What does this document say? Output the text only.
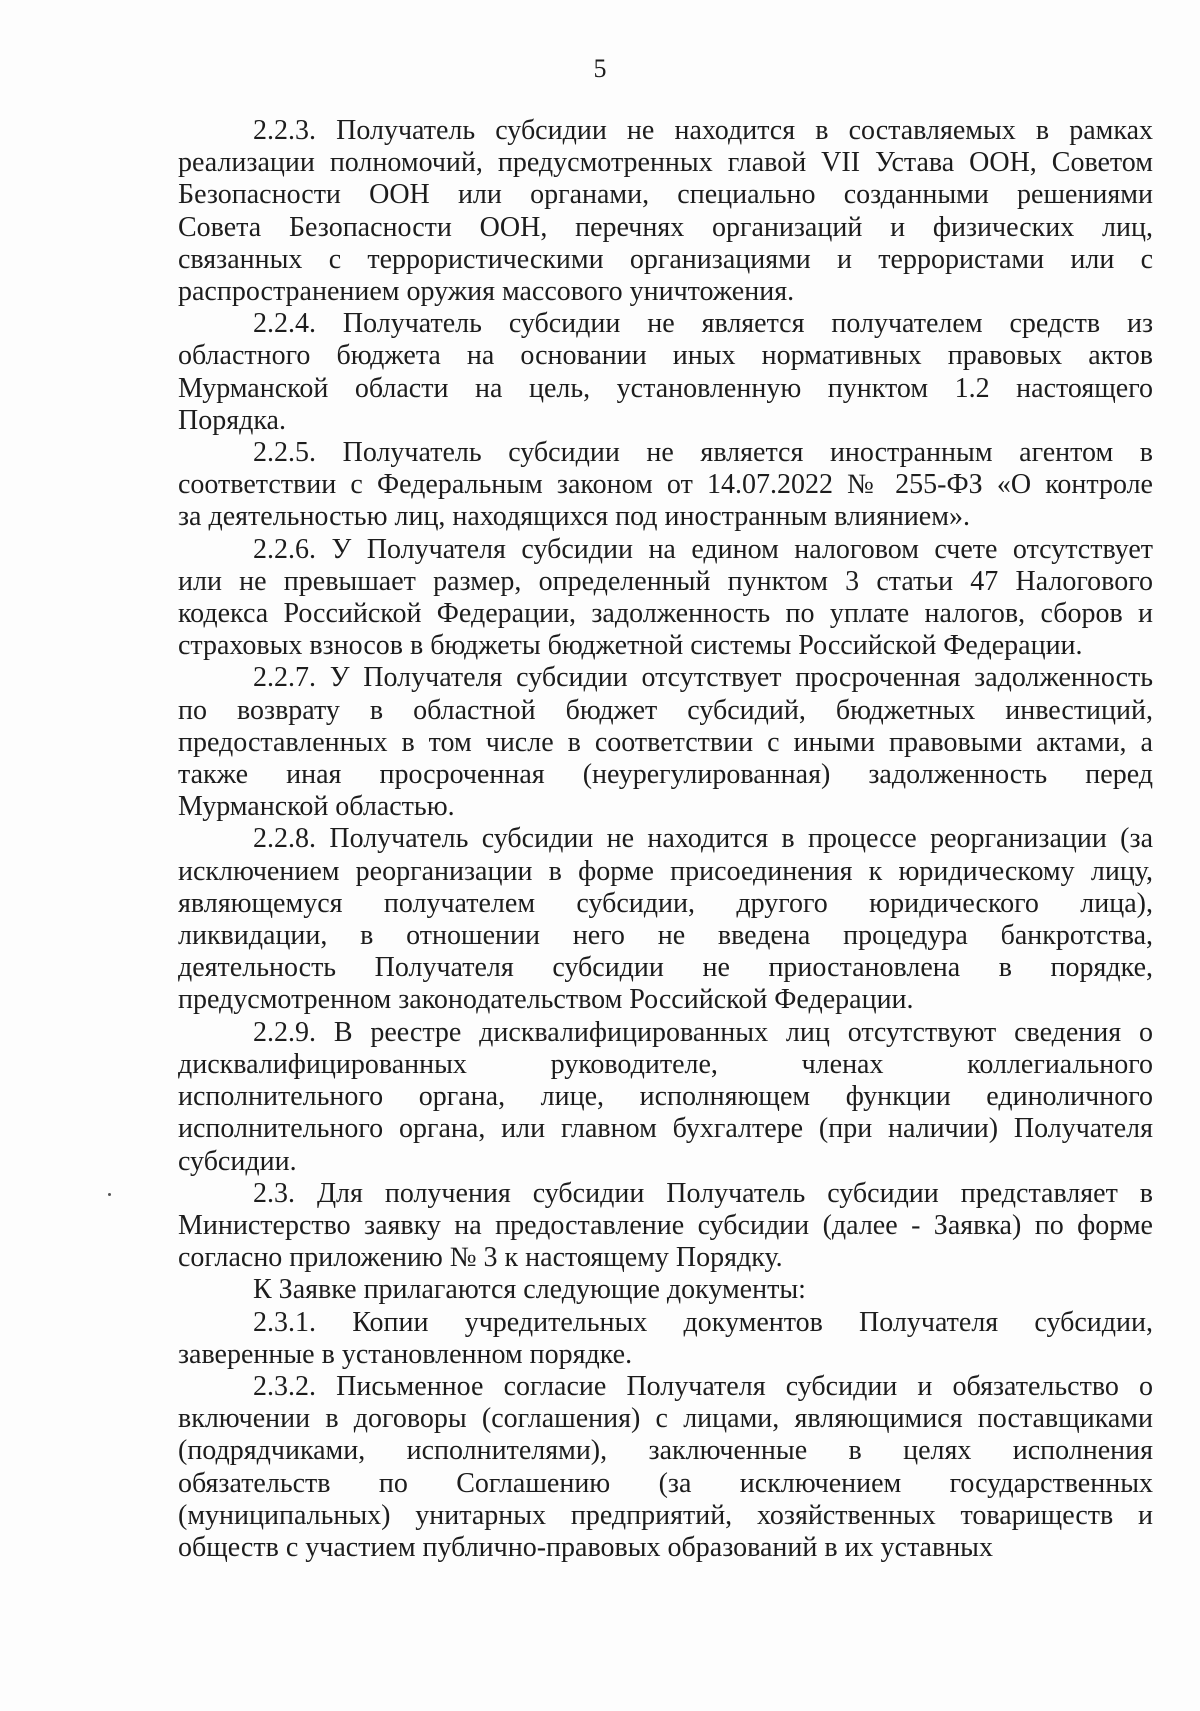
5
2.2.3. Получатель субсидии не находится в составляемых в рамках
реализации полномочий, предусмотренных главой VII Устава ООН, Советом
Безопасности ООН или органами, специально созданными решениями
Совета Безопасности ООН, перечнях организаций и физических лиц,
связанных с террористическими организациями и террористами или с
распространением оружия массового уничтожения.
2.2.4. Получатель субсидии не является получателем средств из
областного бюджета на основании иных нормативных правовых актов
Мурманской области на цель, установленную пунктом 1.2 настоящего
Порядка.
2.2.5. Получатель субсидии не является иностранным агентом в
соответствии с Федеральным законом от 14.07.2022 № 255-ФЗ «О контроле
за деятельностью лиц, находящихся под иностранным влиянием».
2.2.6. У Получателя субсидии на едином налоговом счете отсутствует
или не превышает размер, определенный пунктом 3 статьи 47 Налогового
кодекса Российской Федерации, задолженность по уплате налогов, сборов и
страховых взносов в бюджеты бюджетной системы Российской Федерации.
2.2.7. У Получателя субсидии отсутствует просроченная задолженность
по возврату в областной бюджет субсидий, бюджетных инвестиций,
предоставленных в том числе в соответствии с иными правовыми актами, а
также иная просроченная (неурегулированная) задолженность перед
Мурманской областью.
2.2.8. Получатель субсидии не находится в процессе реорганизации (за
исключением реорганизации в форме присоединения к юридическому лицу,
являющемуся получателем субсидии, другого юридического лица),
ликвидации, в отношении него не введена процедура банкротства,
деятельность Получателя субсидии не приостановлена в порядке,
предусмотренном законодательством Российской Федерации.
2.2.9. В реестре дисквалифицированных лиц отсутствуют сведения о
дисквалифицированных руководителе, членах коллегиального
исполнительного органа, лице, исполняющем функции единоличного
исполнительного органа, или главном бухгалтере (при наличии) Получателя
субсидии.
2.3. Для получения субсидии Получатель субсидии представляет в
Министерство заявку на предоставление субсидии (далее - Заявка) по форме
согласно приложению № 3 к настоящему Порядку.
К Заявке прилагаются следующие документы:
2.3.1. Копии учредительных документов Получателя субсидии,
заверенные в установленном порядке.
2.3.2. Письменное согласие Получателя субсидии и обязательство о
включении в договоры (соглашения) с лицами, являющимися поставщиками
(подрядчиками, исполнителями), заключенные в целях исполнения
обязательств по Соглашению (за исключением государственных
(муниципальных) унитарных предприятий, хозяйственных товариществ и
обществ с участием публично-правовых образований в их уставных
